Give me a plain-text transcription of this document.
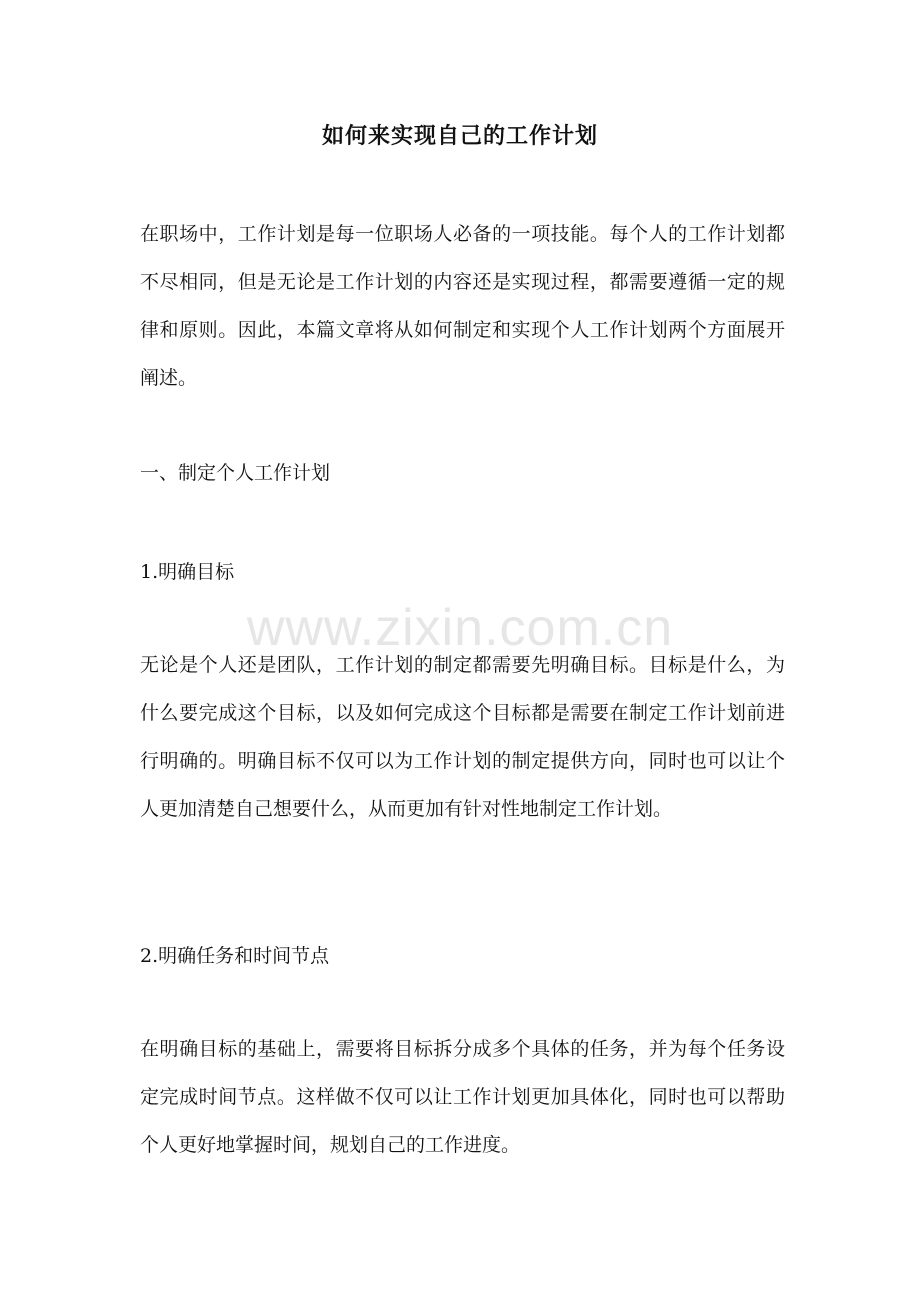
www.zixin.com.cn
如何来实现自己的工作计划
在职场中，工作计划是每一位职场人必备的一项技能。每个人的工作计划都不尽相同，但是无论是工作计划的内容还是实现过程，都需要遵循一定的规律和原则。因此，本篇文章将从如何制定和实现个人工作计划两个方面展开阐述。
一、制定个人工作计划
1.明确目标
无论是个人还是团队，工作计划的制定都需要先明确目标。目标是什么，为什么要完成这个目标，以及如何完成这个目标都是需要在制定工作计划前进行明确的。明确目标不仅可以为工作计划的制定提供方向，同时也可以让个人更加清楚自己想要什么，从而更加有针对性地制定工作计划。
2.明确任务和时间节点
在明确目标的基础上，需要将目标拆分成多个具体的任务，并为每个任务设定完成时间节点。这样做不仅可以让工作计划更加具体化，同时也可以帮助个人更好地掌握时间，规划自己的工作进度。
